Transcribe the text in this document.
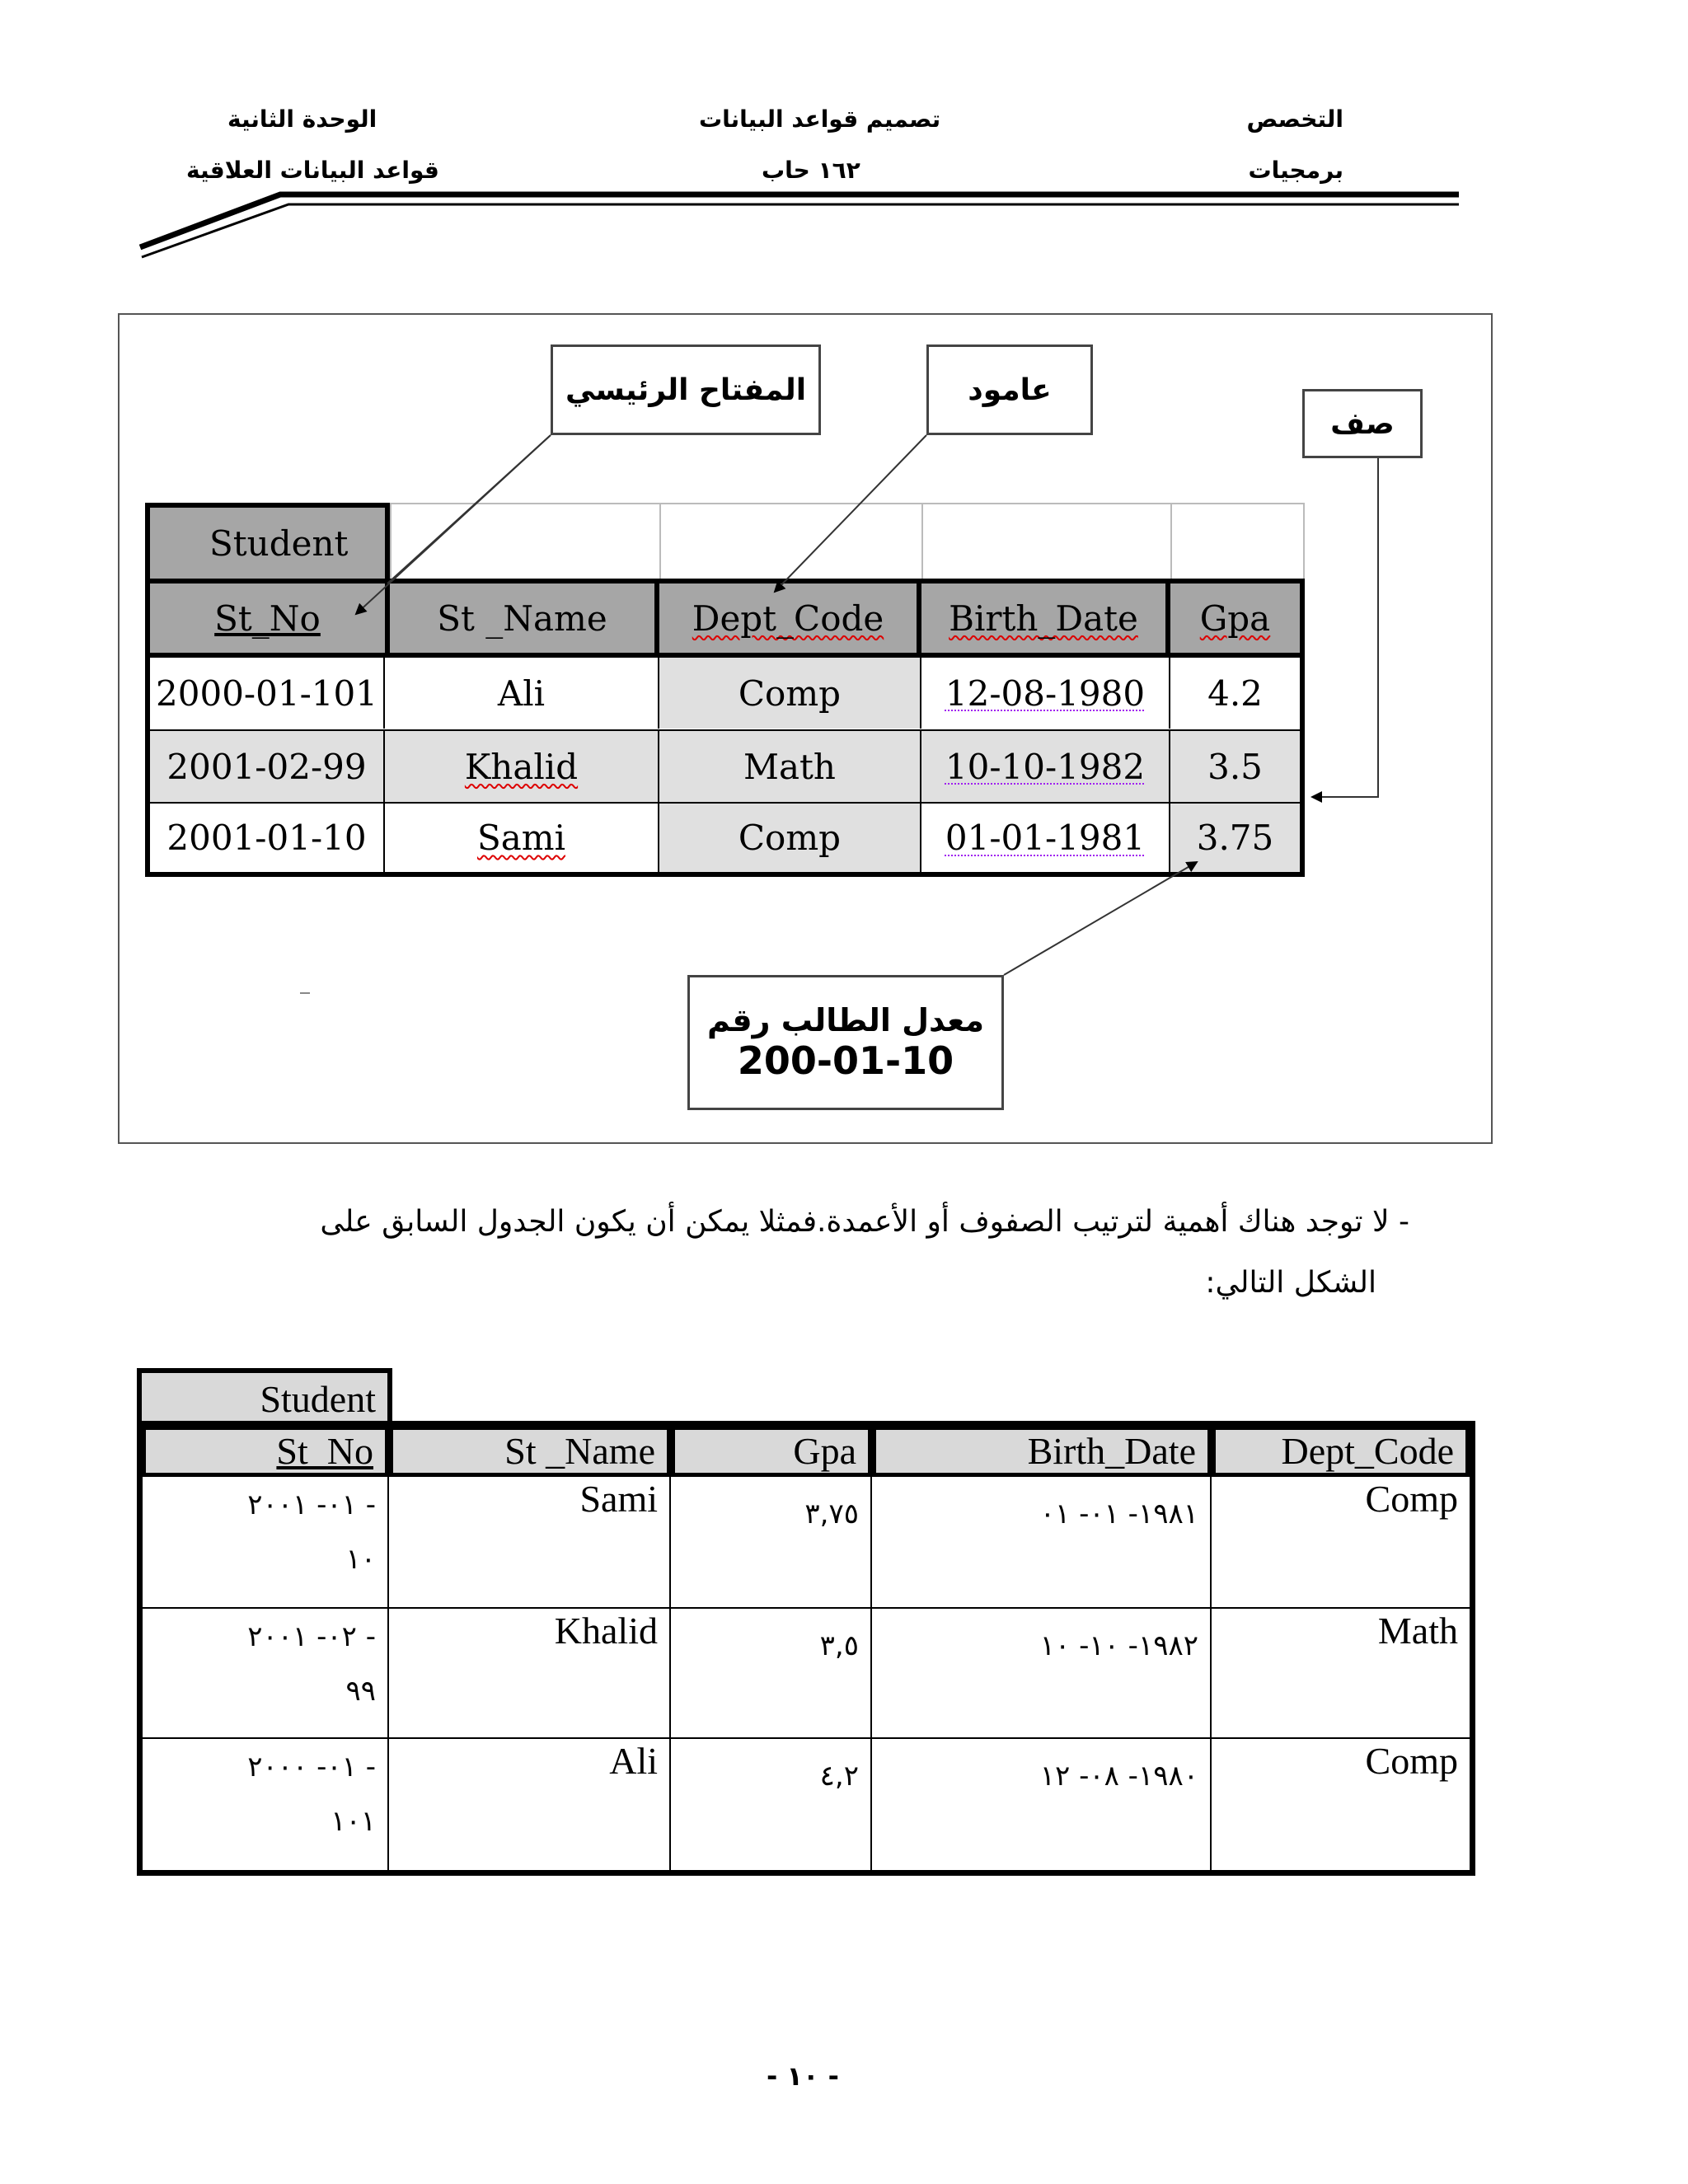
التخصص
برمجيات
تصميم قواعد البيانات
١٦٢ حاب
الوحدة الثانية
قواعد البيانات العلاقية
Student
St_No	St _Name	Dept_Code Birth_Date Gpa
2000-01-101	Ali	Comp	12-08-1980	4.2
2001-02-99	Khalid	Math	10-10-1982	3.5
2001-01-10	Sami	Comp	01-01-1981	3.75
المفتاح الرئيسي	عامود
صف
معدل الطالب رقم
200-01-10
- لا توجد هناك أهمية لترتيب الصفوف أو الأعمدة.فمثلا يمكن أن يكون الجدول السابق على
الشكل التالي:
Student
St_No	St _Name	Gpa	Birth_Date	Dept_Code
- ٠١- ٢٠٠١
١٠
Sami	٣,٧٥	١٩٨١- ٠١- ٠١	Comp
- ٠٢- ٢٠٠١
٩٩
Khalid	٣,٥	١٩٨٢- ١٠- ١٠	Math
- ٠١- ٢٠٠٠
١٠١
Ali	٤,٢	١٩٨٠- ٠٨- ١٢	Comp
- ١٠ -
